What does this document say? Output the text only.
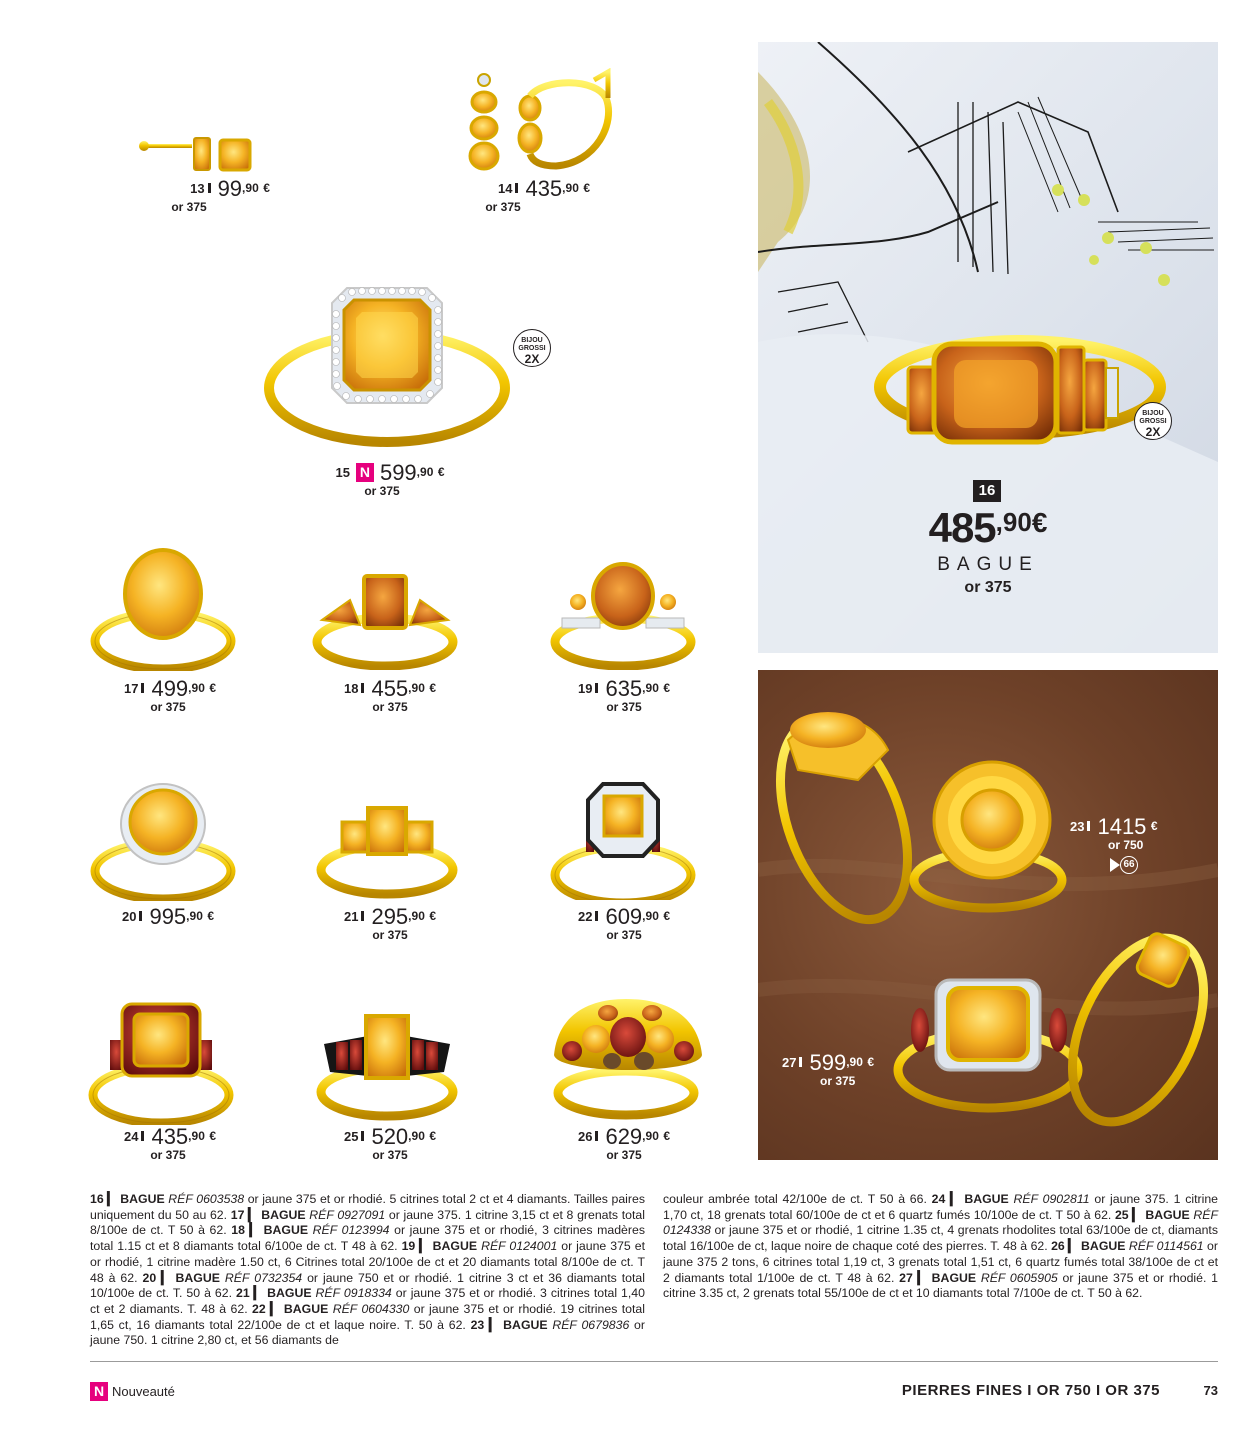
13 $99^{,90}$ €
or 375
14 $435^{,90}$ €
or 375
BIJOU GROSSI
2X
15 N $599^{,90}$ €
or 375
17 $499^{,90}$ €
or 375
18 $455^{,90}$ €
or 375
19 $635^{,90}$ €
or 375
20 $995^{,90}$ €	21 $295^{,90}$ €
or 375
22 $609^{,90}$ €
or 375
24 $435^{,90}$ €
or 375
25 $520^{,90}$ €
or 375
26 $629^{,90}$ €
or 375
BIJOU GROSSI
2X
16
485,90€
BAGUE
or 375
23 1415 €
or 750
66
27 $599^{,90}$ €
or 375
16 ▎ BAGUE RÉF 0603538 or jaune 375 et or rhodié. 5 citrines total 2 ct et 4 diamants. Tailles paires uniquement du 50 au 62. 17 ▎ BAGUE RÉF 0927091 or jaune 375. 1 citrine 3,15 ct et 8 grenats total 8/100e de ct. T 50 à 62. 18 ▎ BAGUE RÉF 0123994 or jaune 375 et or rhodié, 3 citrines madères total 1.15 ct et 8 diamants total 6/100e de ct. T 48 à 62. 19 ▎ BAGUE RÉF 0124001 or jaune 375 et or rhodié, 1 citrine madère 1.50 ct, 6 Citrines total 20/100e de ct et 20 diamants total 8/100e de ct. T 48 à 62. 20 ▎ BAGUE RÉF 0732354 or jaune 750 et or rhodié. 1 citrine 3 ct et 36 diamants total 10/100e de ct. T. 50 à 62. 21 ▎ BAGUE RÉF 0918334 or jaune 375 et or rhodié. 3 citrines total 1,40 ct et 2 diamants. T. 48 à 62. 22 ▎ BAGUE RÉF 0604330 or jaune 375 et or rhodié. 19 citrines total 1,65 ct, 16 diamants total 22/100e de ct et laque noire. T. 50 à 62. 23 ▎ BAGUE RÉF 0679836 or jaune 750. 1 citrine 2,80 ct, et 56 diamants de
couleur ambrée total 42/100e de ct. T 50 à 66. 24 ▎ BAGUE RÉF 0902811 or jaune 375. 1 citrine 1,70 ct, 18 grenats total 60/100e de ct et 6 quartz fumés 10/100e de ct. T 50 à 62. 25 ▎ BAGUE RÉF 0124338 or jaune 375 et or rhodié, 1 citrine 1.35 ct, 4 grenats rhodolites total 63/100e de ct, diamants total 16/100e de ct, laque noire de chaque coté des pierres. T. 48 à 62. 26 ▎ BAGUE RÉF 0114561 or jaune 375 2 tons, 6 citrines total 1,19 ct, 3 grenats total 1,51 ct, 6 quartz fumés total 38/100e de ct et 2 diamants total 1/100e de ct. T 48 à 62. 27 ▎ BAGUE RÉF 0605905 or jaune 375 et or rhodié. 1 citrine 3.35 ct, 2 grenats total 55/100e de ct et 10 diamants total 7/100e de ct. T 50 à 62.
N Nouveauté	PIERRES FINES I OR 750 I OR 375	73
